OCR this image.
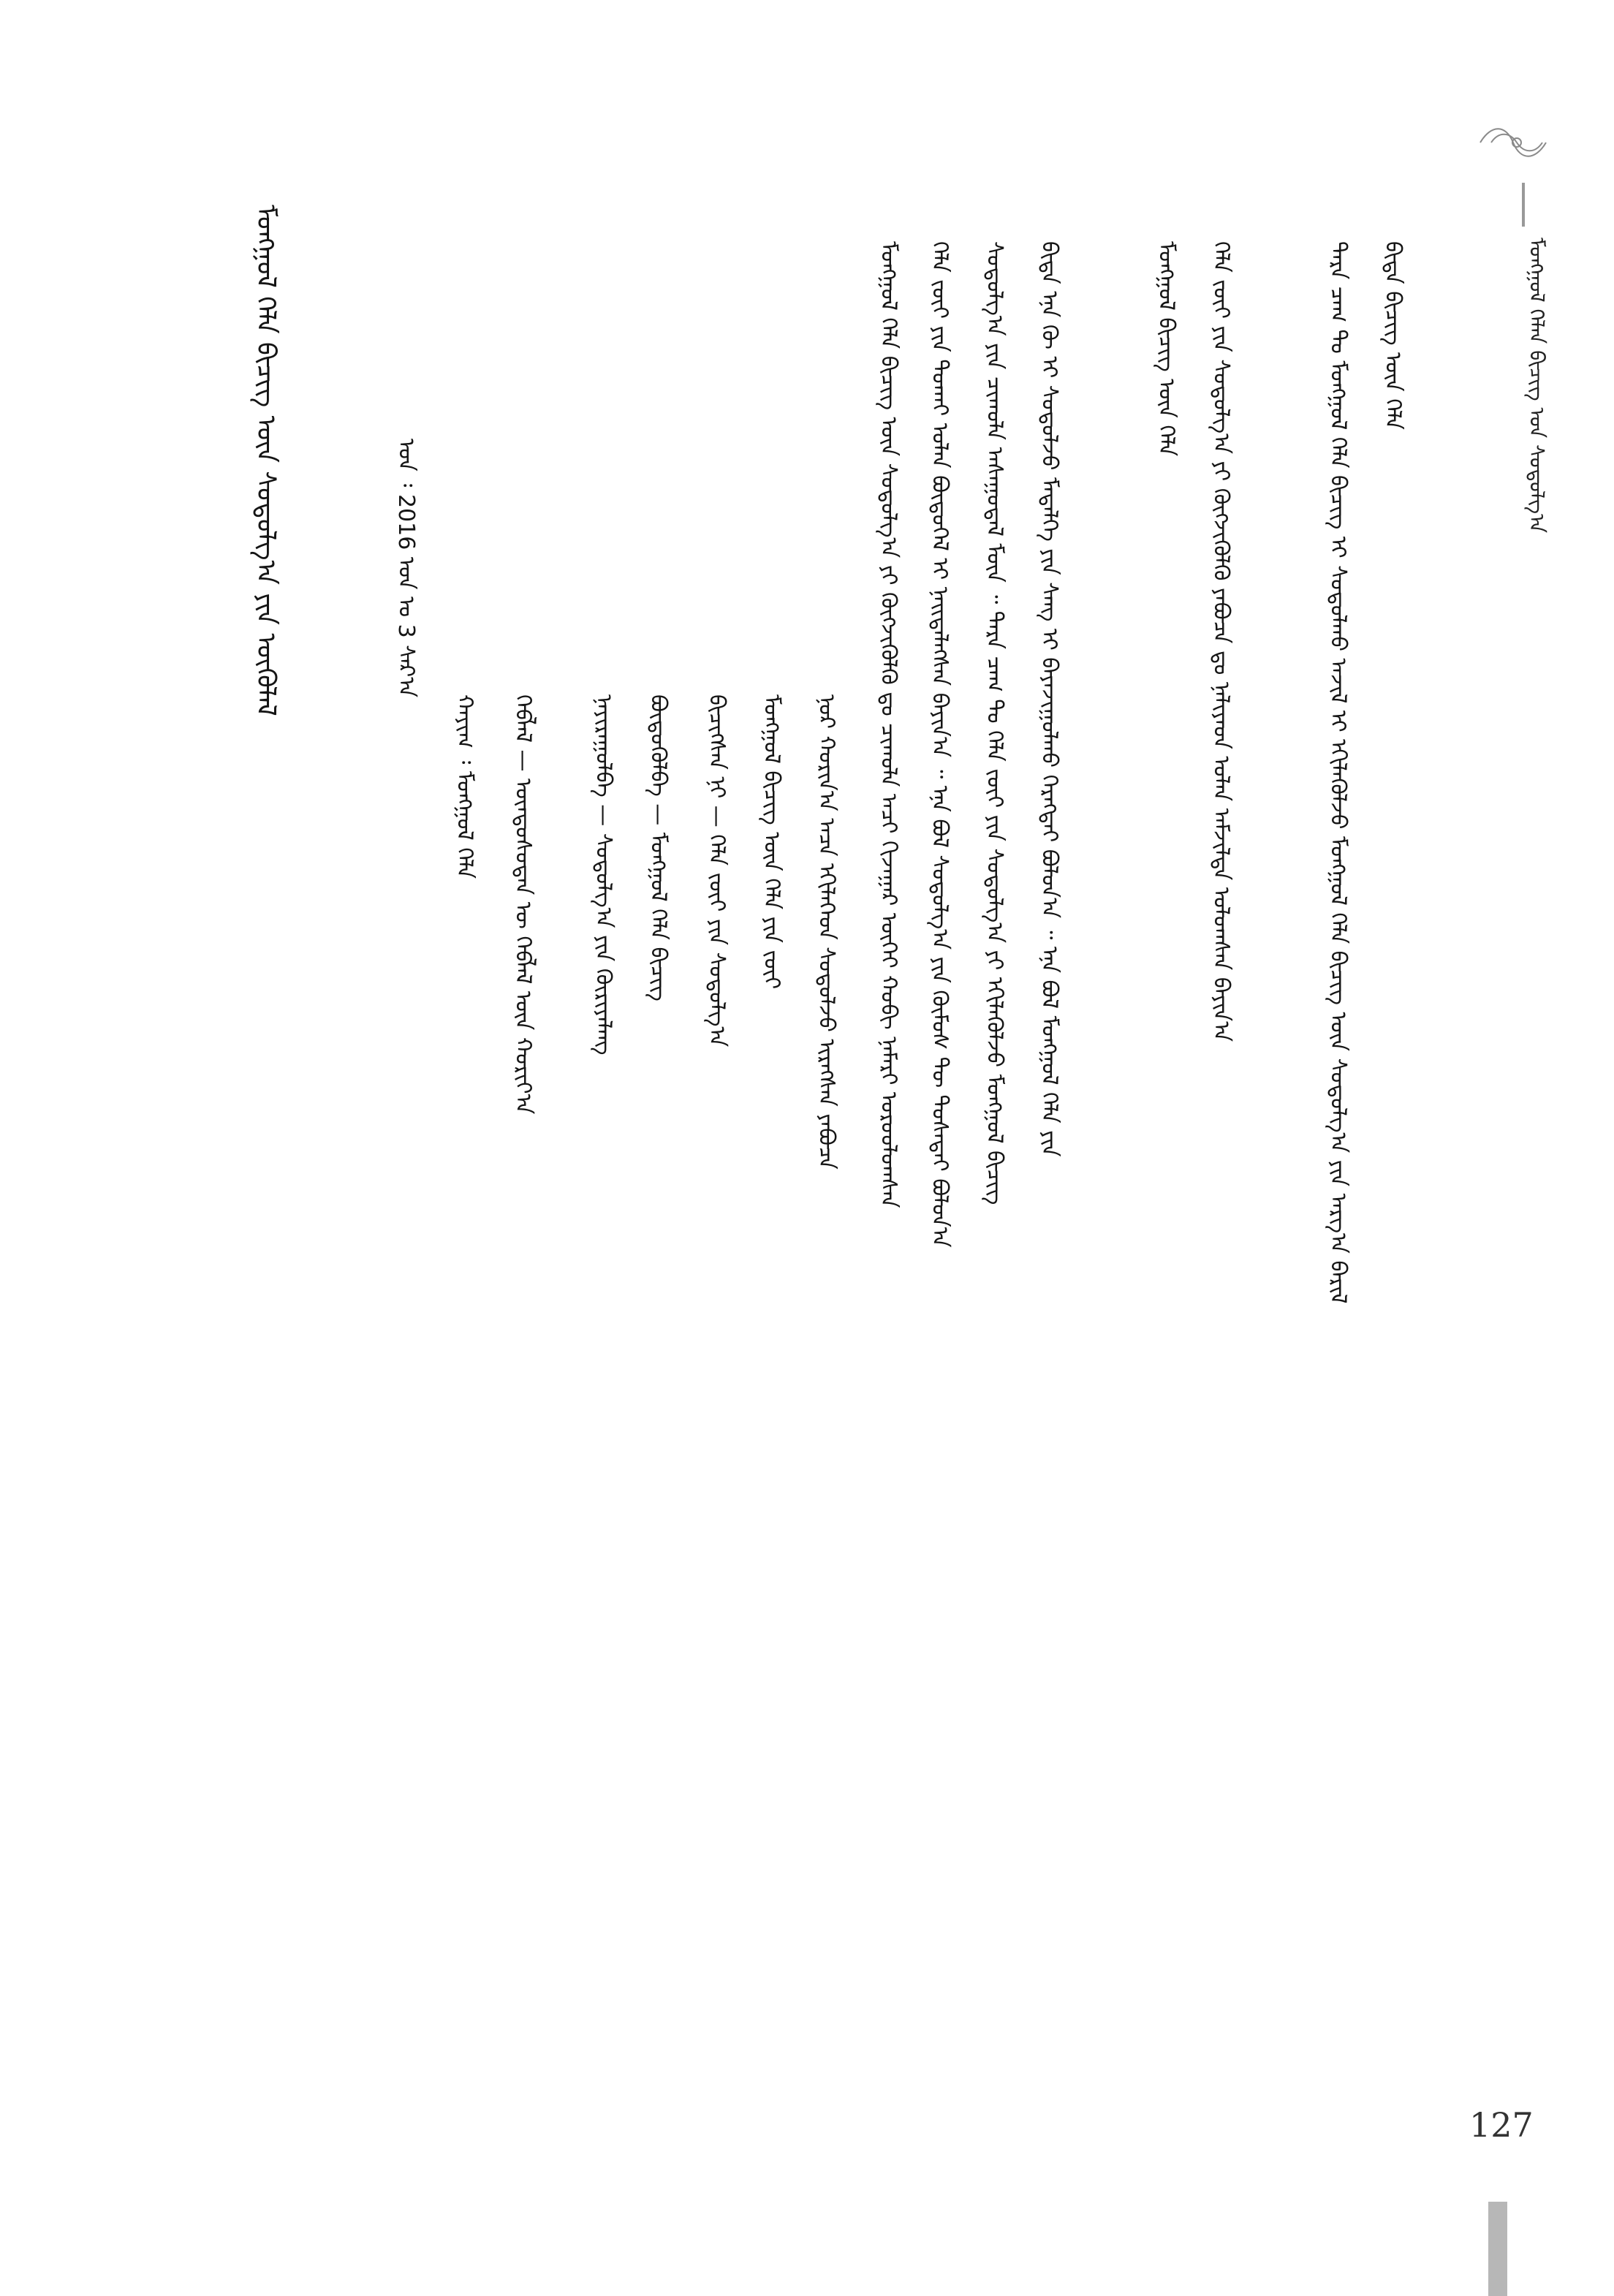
ᠮᠣᠩᠭᠣᠯ ᠬᠡᠯᠡᠨ ᠪᠢᠴᠢᠭ᠌ ᠤᠨ ᠰᠣᠳᠤᠯᠭ᠎ᠠ
ᠪᠢᠳᠡ ᠪᠢᠴᠢᠭ᠌ ᠦᠨ ᠬᠡᠯᠡ
ᠲᠡᠷᠡ ᠴᠠᠭ ᠲᠤ ᠮᠣᠩᠭᠣᠯ ᠬᠡᠯᠡ ᠪᠢᠴᠢᠭ ᠢ ᠰᠤᠳᠤᠯᠬᠤ ᠠᠵᠢᠯ ᠢ ᠡᠬᠢᠯᠡᠭᠦᠯᠵᠦ ᠮᠣᠩᠭᠣᠯ ᠬᠡᠯᠡ ᠪᠢᠴᠢᠭ ᠦᠨ ᠰᠤᠳᠤᠯᠭ᠎ᠠ ᠶᠢᠨ ᠠᠷᠭ᠎ᠠ ᠪᠠᠷᠢᠯ
ᠬᠡᠯᠡ ᠵᠦᠢ ᠶᠢᠨ ᠰᠤᠳᠤᠯᠭ᠎ᠠ ᠶᠢ ᠬᠦᠭᠵᠢᠭᠦᠯᠬᠦ ᠶᠠᠪᠤᠴᠠ ᠳᠤ ᠨᠡᠯᠢᠶᠡᠳ ᠤᠯᠠᠨ ᠠᠮᠵᠢᠯᠲᠠ ᠤᠯᠤᠭᠰᠠᠨ ᠪᠠᠶᠢᠨ᠎ᠠ
ᠮᠣᠩᠭᠣᠯ ᠪᠢᠴᠢᠭ᠌ ᠦᠨ ᠬᠡᠯᠡ
ᠪᠢᠳᠡ ᠡᠨᠡ ᠬᠦ ᠢ ᠰᠤᠳᠤᠯᠵᠤ ᠮᠡᠳᠡᠯᠭᠡ ᠶᠢᠨ ᠰᠠᠩ ᠢ ᠪᠠᠶᠠᠵᠢᠭᠤᠯᠬᠤ ᠬᠡᠷᠡᠭᠲᠡᠢ ᠪᠣᠯᠤᠨ᠎ᠠ ᠃ ᠡᠨᠡ ᠪᠣᠯ ᠮᠣᠩᠭᠣᠯ ᠬᠡᠯᠡ ᠶᠢᠨ
ᠰᠤᠳᠤᠯᠭ᠎ᠠ ᠶᠢᠨ ᠴᠢᠬᠤᠯᠠ ᠠᠰᠠᠭᠤᠳᠠᠯ ᠮᠥᠨ ᠃ ᠲᠡᠷᠡ ᠴᠠᠭ ᠲᠤ ᠬᠡᠯᠡ ᠵᠦᠢ ᠶᠢᠨ ᠰᠤᠳᠤᠯᠭ᠎ᠠ ᠶᠢ ᠡᠬᠢᠯᠡᠭᠦᠯᠵᠦ ᠮᠣᠩᠭᠣᠯ ᠪᠢᠴᠢᠭ
ᠬᠡᠯᠡ ᠵᠦᠢ ᠶᠢᠨ ᠲᠤᠬᠠᠢ ᠣᠯᠠᠨ ᠪᠦᠲᠦᠭᠡᠯ ᠢ ᠨᠡᠢᠲᠡᠯᠡᠭᠰᠡᠨ ᠪᠠᠶᠢᠨ᠎ᠠ ᠃ ᠡᠨᠡ ᠪᠣᠯ ᠰᠤᠳᠤᠯᠭ᠎ᠠ ᠶᠢᠨ ᠬᠦᠮᠦᠰ ᠲᠦ ᠲᠤᠰᠠᠲᠠᠢ ᠪᠣᠯᠤᠨ᠎ᠠ
ᠮᠣᠩᠭᠣᠯ ᠬᠡᠯᠡ ᠪᠢᠴᠢᠭ ᠦᠨ ᠰᠤᠳᠤᠯᠭ᠎ᠠ ᠶᠢ ᠬᠦᠭᠵᠢᠭᠦᠯᠬᠦ ᠳᠤ ᠴᠢᠬᠤᠯᠠ ᠠᠴᠢ ᠬᠢᠵᠠᠭᠠᠷ ᠦᠭᠡᠢ ᠬᠤᠪᠢ ᠨᠡᠮᠡᠷᠢ ᠣᠷᠤᠤᠯᠤᠭᠰᠠᠨ
ᠨᠤᠷ ᠬᠣᠷᠢᠨ᠎ᠠ ᠠᠴᠠ ᠡᠬᠢᠯᠡᠭᠡᠳ ᠰᠤᠳᠤᠯᠵᠤ ᠢᠷᠡᠭᠰᠡᠨ ᠶᠠᠪᠤᠴᠠ
ᠮᠣᠩᠭᠣᠯ ᠪᠢᠴᠢᠭ ᠦᠨ ᠬᠡᠯᠡ ᠶᠢᠨ ᠵᠦᠢ
ᠪᠢᠴᠢᠭᠰᠡᠨ ᠨᠢ — ᠬᠡᠯᠡ ᠵᠦᠢ ᠶᠢᠨ ᠰᠤᠳᠤᠯᠭ᠎ᠠ
ᠪᠦᠳᠦᠭᠦᠯᠪᠡ — ᠮᠣᠩᠭᠣᠯ ᠬᠡᠯᠡ ᠪᠢᠴᠢᠭ
ᠨᠠᠶᠢᠷᠠᠭᠤᠯᠪᠠ — ᠰᠤᠳᠤᠯᠭ᠎ᠠ ᠶᠢᠨ ᠬᠦᠷᠢᠶᠡᠯᠡᠩ
ᠬᠡᠪᠯᠡᠯ — ᠦᠨᠳᠦᠰᠦᠲᠡᠨ ᠦ ᠬᠡᠪᠯᠡᠯ ᠦᠨ ᠬᠣᠷᠢᠶ᠎ᠠ
ᠬᠠᠶᠢᠭ ᠄ ᠮᠣᠩᠭᠣᠯ ᠬᠡᠯᠡ
ᠣᠨ ᠄ 2016 ᠣᠨ ᠤ 3 ᠰᠠᠷ᠎ᠠ
ᠮᠣᠩᠭᠣᠯ ᠬᠡᠯᠡ ᠪᠢᠴᠢᠭ ᠦᠨ ᠰᠤᠳᠤᠯᠭ᠎ᠠ ᠶᠢᠨ ᠦᠭᠦᠯᠡᠯ
127
